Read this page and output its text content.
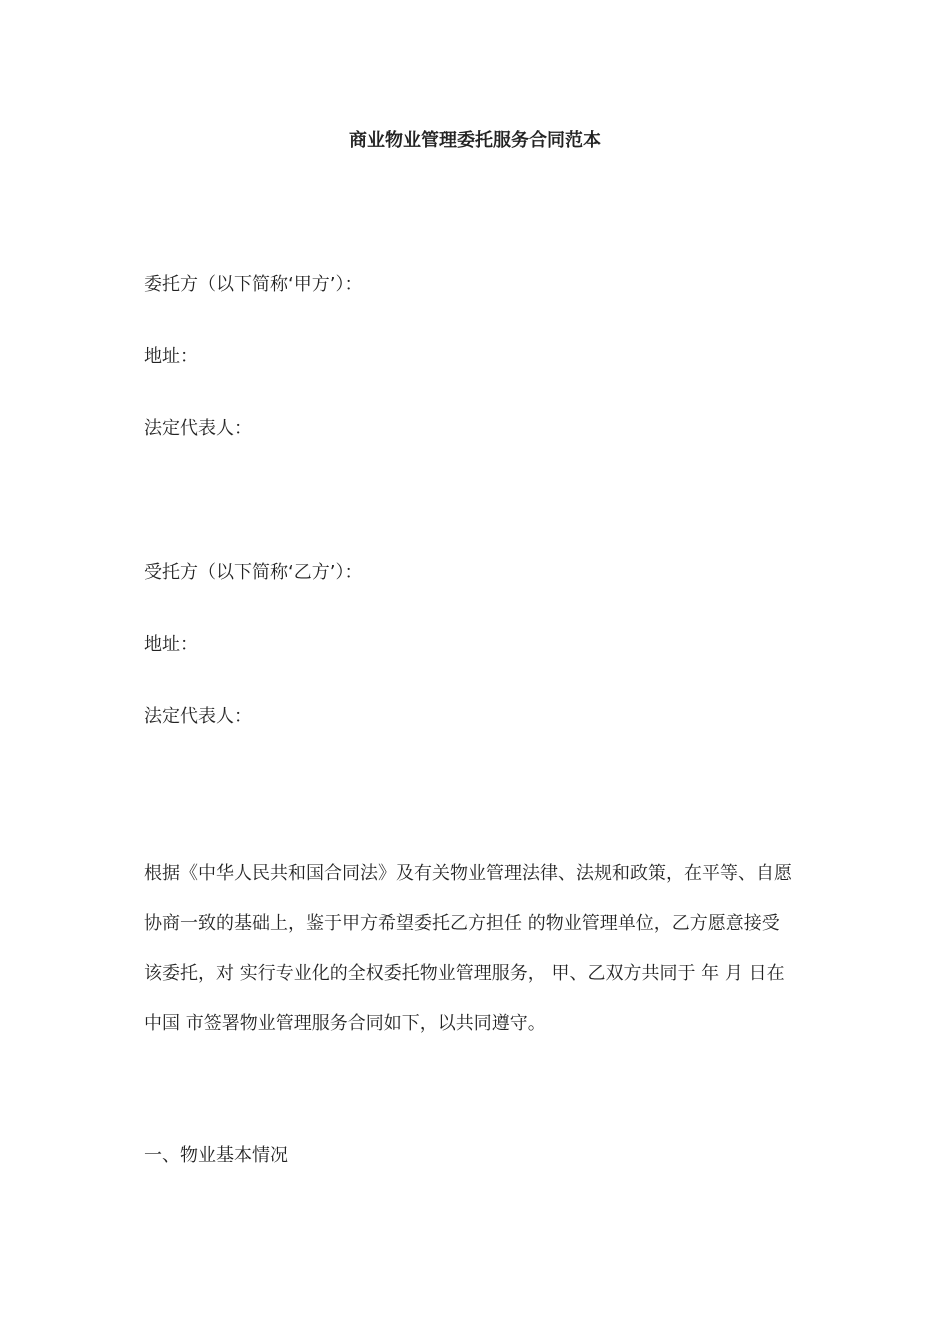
商业物业管理委托服务合同范本
委托方（以下简称‘甲方’）：
地址：
法定代表人：
受托方（以下简称‘乙方’）：
地址：
法定代表人：
根据《中华人民共和国合同法》及有关物业管理法律、法规和政策，在平等、自愿
协商一致的基础上，鉴于甲方希望委托乙方担任 的物业管理单位，乙方愿意接受
该委托，对 实行专业化的全权委托物业管理服务， 甲、乙双方共同于 年 月 日在
中国 市签署物业管理服务合同如下，以共同遵守。
一、物业基本情况
